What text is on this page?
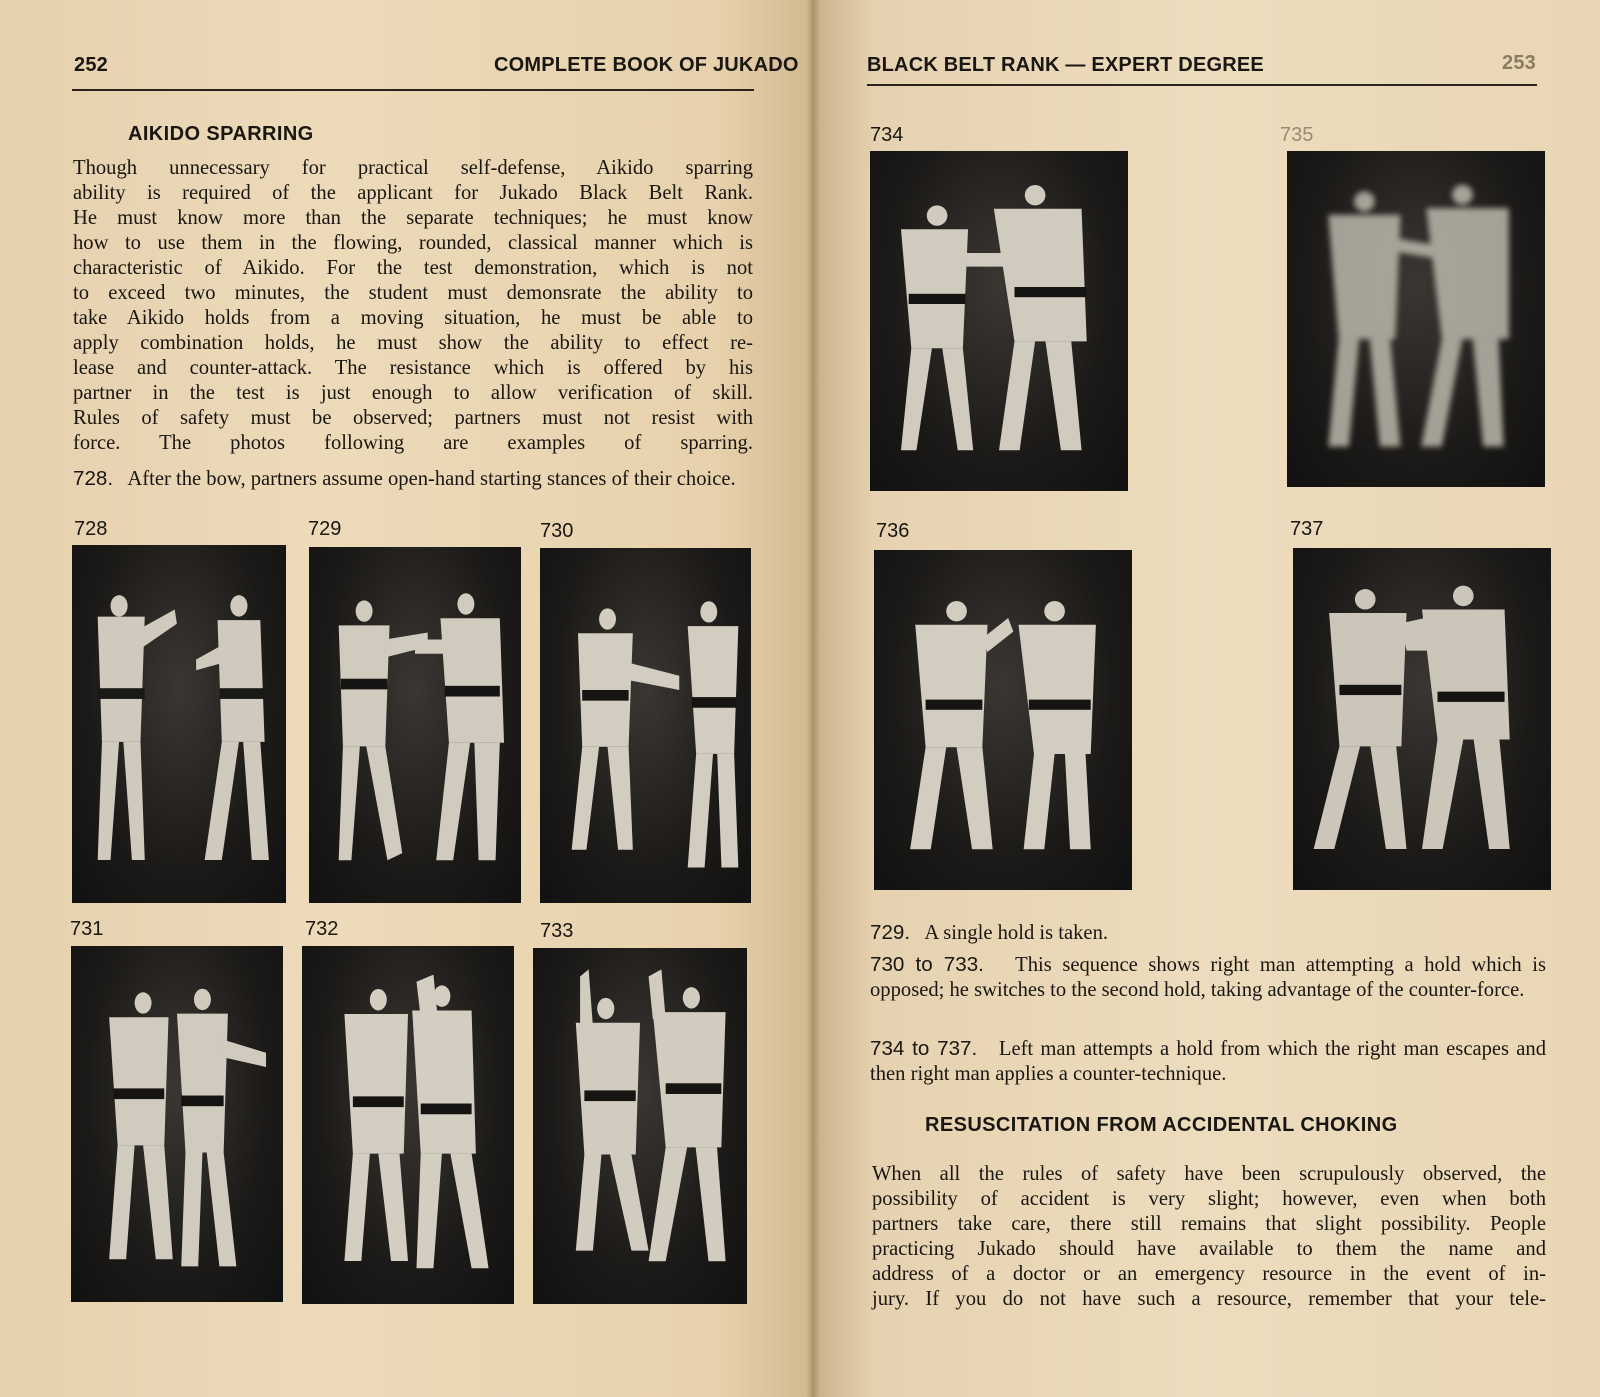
252	COMPLETE BOOK OF JUKADO
AIKIDO SPARRING
Though unnecessary for practical self-defense, Aikido sparring
ability is required of the applicant for Jukado Black Belt Rank.
He must know more than the separate techniques; he must know
how to use them in the flowing, rounded, classical manner which is
characteristic of Aikido. For the test demonstration, which is not
to exceed two minutes, the student must demonsrate the ability to
take Aikido holds from a moving situation, he must be able to
apply combination holds, he must show the ability to effect re-
lease and counter-attack. The resistance which is offered by his
partner in the test is just enough to allow verification of skill.
Rules of safety must be observed; partners must not resist with
force. The photos following are examples of sparring.

728. After the bow, partners assume open-hand starting stances of their choice.

728	729	730
731	732	733
BLACK BELT RANK — EXPERT DEGREE	253
734	735
736	737

729. A single hold is taken.

730 to 733. This sequence shows right man attempting a hold which is opposed; he switches to the second hold, taking advantage of the counter-force.

734 to 737. Left man attempts a hold from which the right man escapes and then right man applies a counter-technique.

RESUSCITATION FROM ACCIDENTAL CHOKING
When all the rules of safety have been scrupulously observed, the
possibility of accident is very slight; however, even when both
partners take care, there still remains that slight possibility. People
practicing Jukado should have available to them the name and
address of a doctor or an emergency resource in the event of in-
jury. If you do not have such a resource, remember that your tele-
